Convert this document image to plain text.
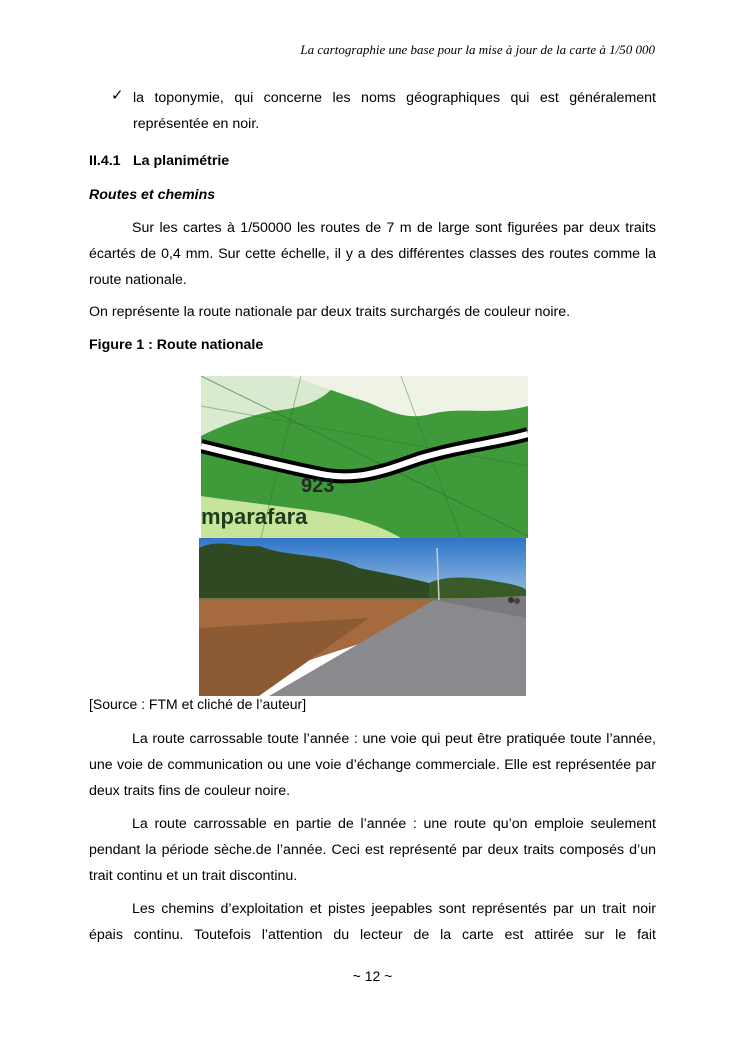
La cartographie une base pour la mise à jour de la carte à 1/50 000
✓ la toponymie, qui concerne les noms géographiques qui est généralement représentée en noir.

II.4.1 La planimétrie
Routes et chemins

Sur les cartes à 1/50000 les routes de 7 m de large sont figurées par deux traits écartés de 0,4 mm. Sur cette échelle, il y a des différentes classes des routes comme la route nationale.

On représente la route nationale par deux traits surchargés de couleur noire.

Figure 1 : Route nationale
923
mparafara
[Source : FTM et cliché de l’auteur]

La route carrossable toute l’année : une voie qui peut être pratiquée toute l’année, une voie de communication ou une voie d’échange commerciale. Elle est représentée par deux traits fins de couleur noire.

La route carrossable en partie de l’année : une route qu’on emploie seulement pendant la période sèche.de l’année. Ceci est représenté par deux traits composés d’un trait continu et un trait discontinu.

Les chemins d’exploitation et pistes jeepables sont représentés par un trait noir épais continu. Toutefois l’attention du lecteur de la carte est attirée sur le fait

~ 12 ~
